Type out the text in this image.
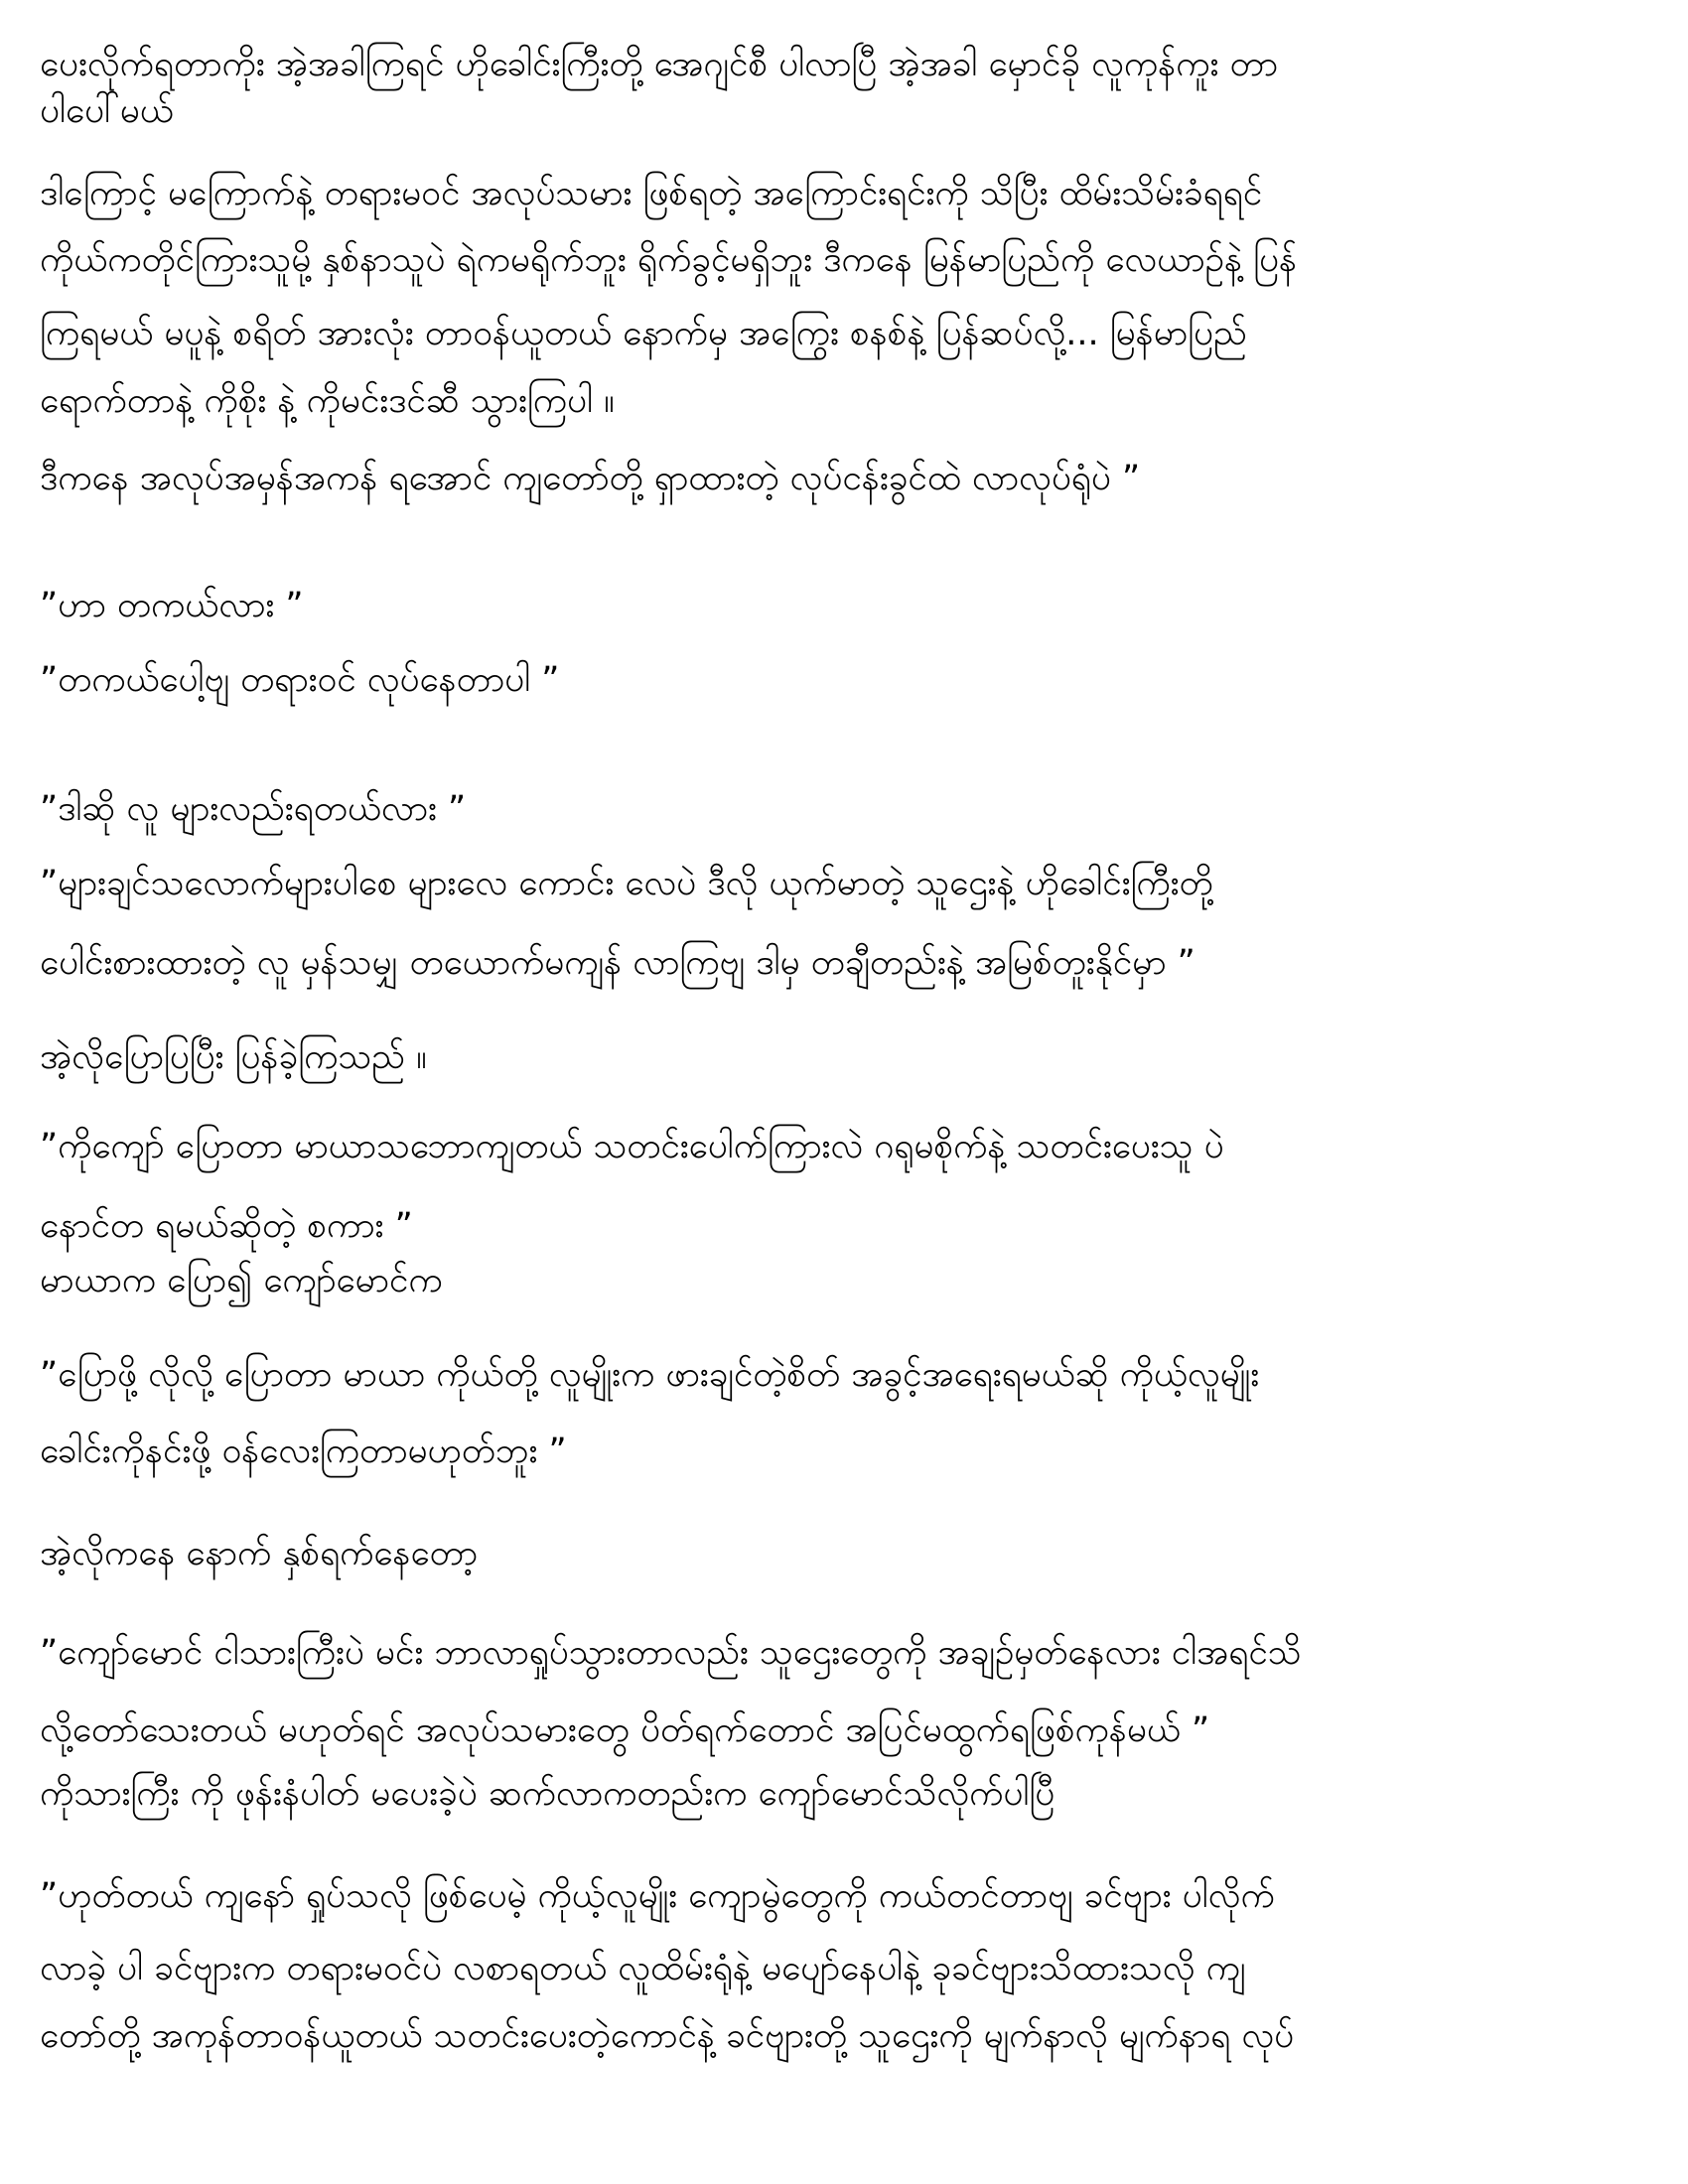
ပေးလိုက်ရတာကိုး အဲ့အခါကြရင် ဟိုခေါင်းကြီးတို့ အေဂျင်စီ ပါလာပြီ အဲ့အခါ မှောင်ခို လူကုန်ကူး တာ
ပါပေါ်မယ်
ဒါကြောင့် မကြောက်နဲ့ တရားမဝင် အလုပ်သမား ဖြစ်ရတဲ့ အကြောင်းရင်းကို သိပြီး ထိမ်းသိမ်းခံရရင်
ကိုယ်ကတိုင်ကြားသူမို့ နှစ်နာသူပဲ ရဲကမရိုက်ဘူး ရိုက်ခွင့်မရှိဘူး ဒီကနေ မြန်မာပြည်ကို လေယာဉ်နဲ့ ပြန်
ကြရမယ် မပူနဲ့ စရိတ် အားလုံး တာဝန်ယူတယ် နောက်မှ အကြွေး စနစ်နဲ့ ပြန်ဆပ်လို့... မြန်မာပြည်
ရောက်တာနဲ့ ကိုစိုး နဲ့ ကိုမင်းဒင်ဆီ သွားကြပါ ။
ဒီကနေ အလုပ်အမှန်အကန် ရအောင် ကျတော်တို့ ရှာထားတဲ့ လုပ်ငန်းခွင်ထဲ လာလုပ်ရုံပဲ ”
”ဟာ တကယ်လား ”
”တကယ်ပေါ့ဗျ တရားဝင် လုပ်နေတာပါ ”
”ဒါဆို လူ များလည်းရတယ်လား ”
”များချင်သလောက်များပါစေ များလေ ကောင်း လေပဲ ဒီလို ယုက်မာတဲ့ သူဌေးနဲ့ ဟိုခေါင်းကြီးတို့
ပေါင်းစားထားတဲ့ လူ မှန်သမျှ တယောက်မကျန် လာကြဗျ ဒါမှ တချီတည်းနဲ့ အမြစ်တူးနိုင်မှာ ”
အဲ့လိုပြောပြပြီး ပြန်ခဲ့ကြသည် ။
”ကိုကျော် ပြောတာ မာယာသဘောကျတယ် သတင်းပေါက်ကြားလဲ ဂရုမစိုက်နဲ့ သတင်းပေးသူ ပဲ
နောင်တ ရမယ်ဆိုတဲ့ စကား ”
မာယာက ပြော၍ ကျော်မောင်က
”ပြောဖို့ လိုလို့ ပြောတာ မာယာ ကိုယ်တို့ လူမျိုးက ဖားချင်တဲ့စိတ် အခွင့်အရေးရမယ်ဆို ကိုယ့်လူမျိုး
ခေါင်းကိုနင်းဖို့ ဝန်လေးကြတာမဟုတ်ဘူး ”
အဲ့လိုကနေ နောက် နှစ်ရက်နေတော့
”ကျော်မောင် ငါသားကြီးပဲ မင်း ဘာလာရှုပ်သွားတာလည်း သူဌေးတွေကို အချဉ်မှတ်နေလား ငါအရင်သိ
လို့တော်သေးတယ် မဟုတ်ရင် အလုပ်သမားတွေ ပိတ်ရက်တောင် အပြင်မထွက်ရဖြစ်ကုန်မယ် ”
ကိုသားကြီး ကို ဖုန်းနံပါတ် မပေးခဲ့ပဲ ဆက်လာကတည်းက ကျော်မောင်သိလိုက်ပါပြီ
”ဟုတ်တယ် ကျနော် ရှုပ်သလို ဖြစ်ပေမဲ့ ကိုယ့်လူမျိုး ကျောမွဲတွေကို ကယ်တင်တာဗျ ခင်ဗျား ပါလိုက်
လာခဲ့ ပါ ခင်ဗျားက တရားမဝင်ပဲ လစာရတယ် လူထိမ်းရုံနဲ့ မပျော်နေပါနဲ့ ခုခင်ဗျားသိထားသလို ကျ
တော်တို့ အကုန်တာဝန်ယူတယ် သတင်းပေးတဲ့ကောင်နဲ့ ခင်ဗျားတို့ သူဌေးကို မျက်နာလို မျက်နာရ လုပ်
